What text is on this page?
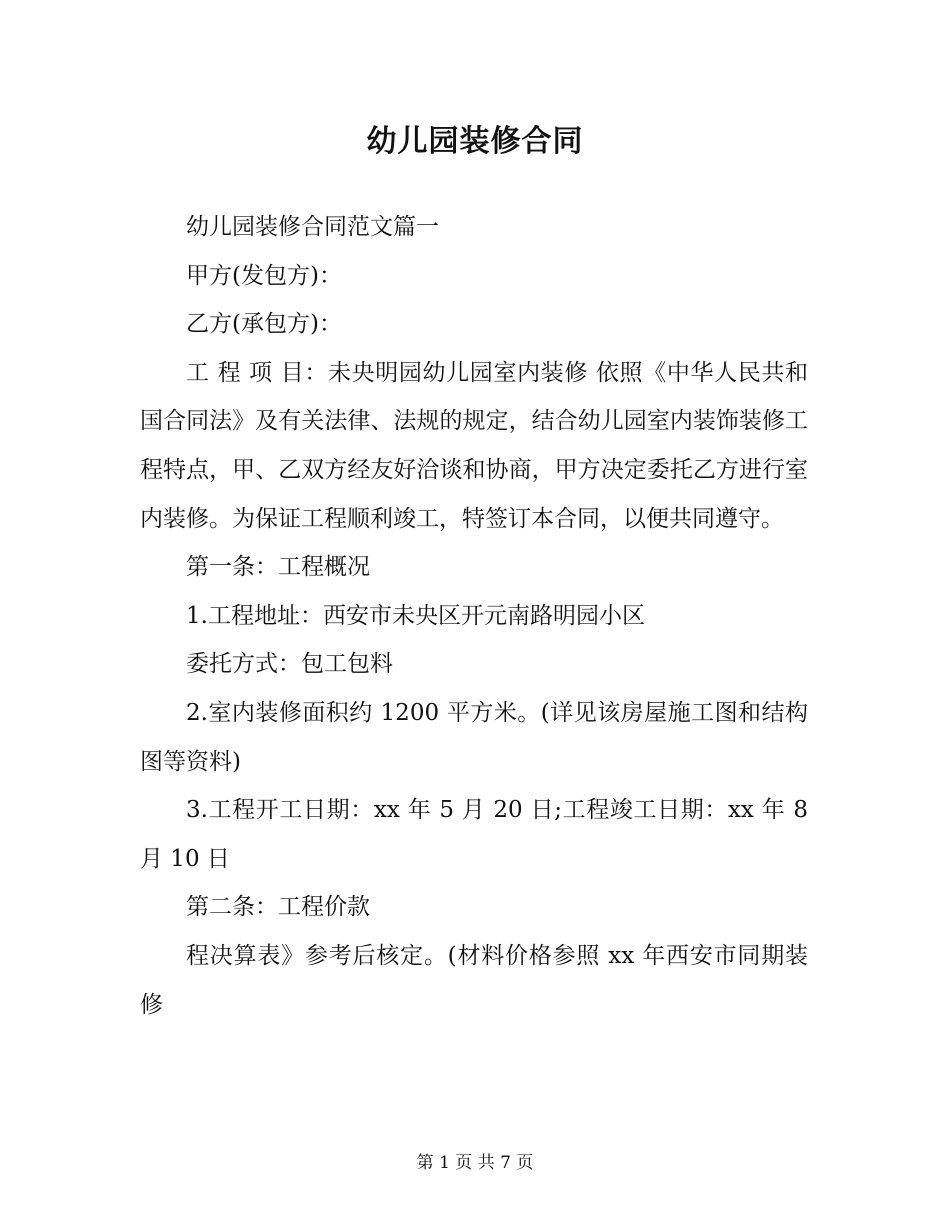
幼儿园装修合同

幼儿园装修合同范文篇一

甲方(发包方)：

乙方(承包方)：

工 程 项 目：未央明园幼儿园室内装修 依照《中华人民共和国合同法》及有关法律、法规的规定，结合幼儿园室内装饰装修工程特点，甲、乙双方经友好洽谈和协商，甲方决定委托乙方进行室内装修。为保证工程顺利竣工，特签订本合同，以便共同遵守。

第一条：工程概况

1.工程地址：西安市未央区开元南路明园小区

委托方式：包工包料

2.室内装修面积约 1200 平方米。(详见该房屋施工图和结构图等资料)

3.工程开工日期：xx 年 5 月 20 日;工程竣工日期：xx 年 8 月 10 日

第二条：工程价款

程决算表》参考后核定。(材料价格参照 xx 年西安市同期装修

第 1 页 共 7 页
